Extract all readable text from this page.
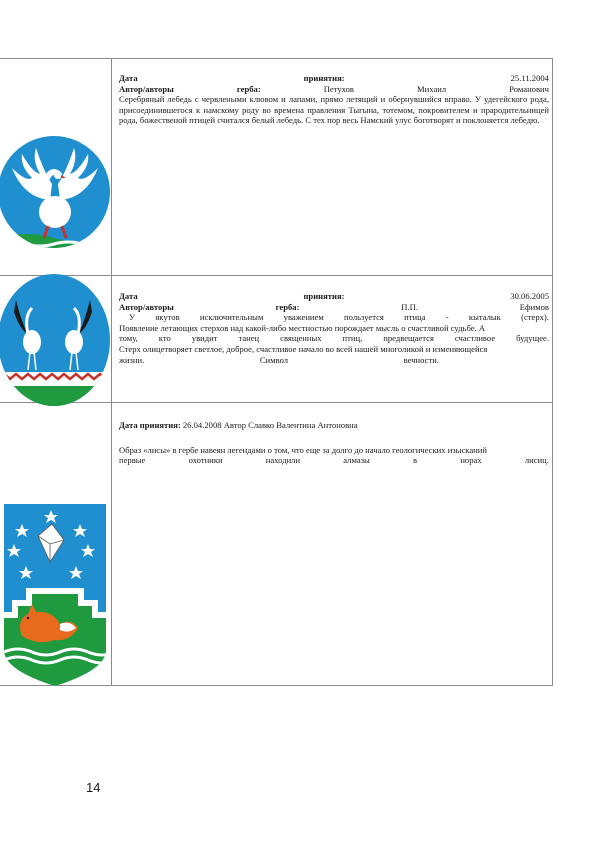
Дата	принятия:	25.11.2004
Автор/авторы	герба:	Петухов	Михаил	Романович
Серебряный лебедь с червлеными клювом и лапами, прямо летящий и обернувшийся вправо. У удегейского рода, присоединившегося к намскому роду во времена правления Тыгына, тотемом, покровителем и прародительницей рода, божественой птицей считался белый лебедь. С тех пор весь Намский улус боготворят и поклоняется лебедю.
Дата	принятия:	30.06.2005
Автор/авторы	герба:	П.П.	Ефимов
У якутов исключительным уважением пользуется птица - кыталык (стерх).
Появление летающих стерхов над какой-либо местностью порождает мысль о счастливой судьбе. А
тому, кто увидит танец священных птиц, предвещается счастливое будущее.
Стерх олицетворяет светлое, доброе, счастливое начало во всей нашей многоликой и изменяющейся
жизни.	Символ	вечности.
Дата принятия: 26.04.2008 Автор Славко Валентина Антоновна
Образ «лисы» в гербе навеян легендами о том, что еще за долго до начало геологических изысканий
первые	охотники	находили	алмазы	в	норах	лисиц.
14
